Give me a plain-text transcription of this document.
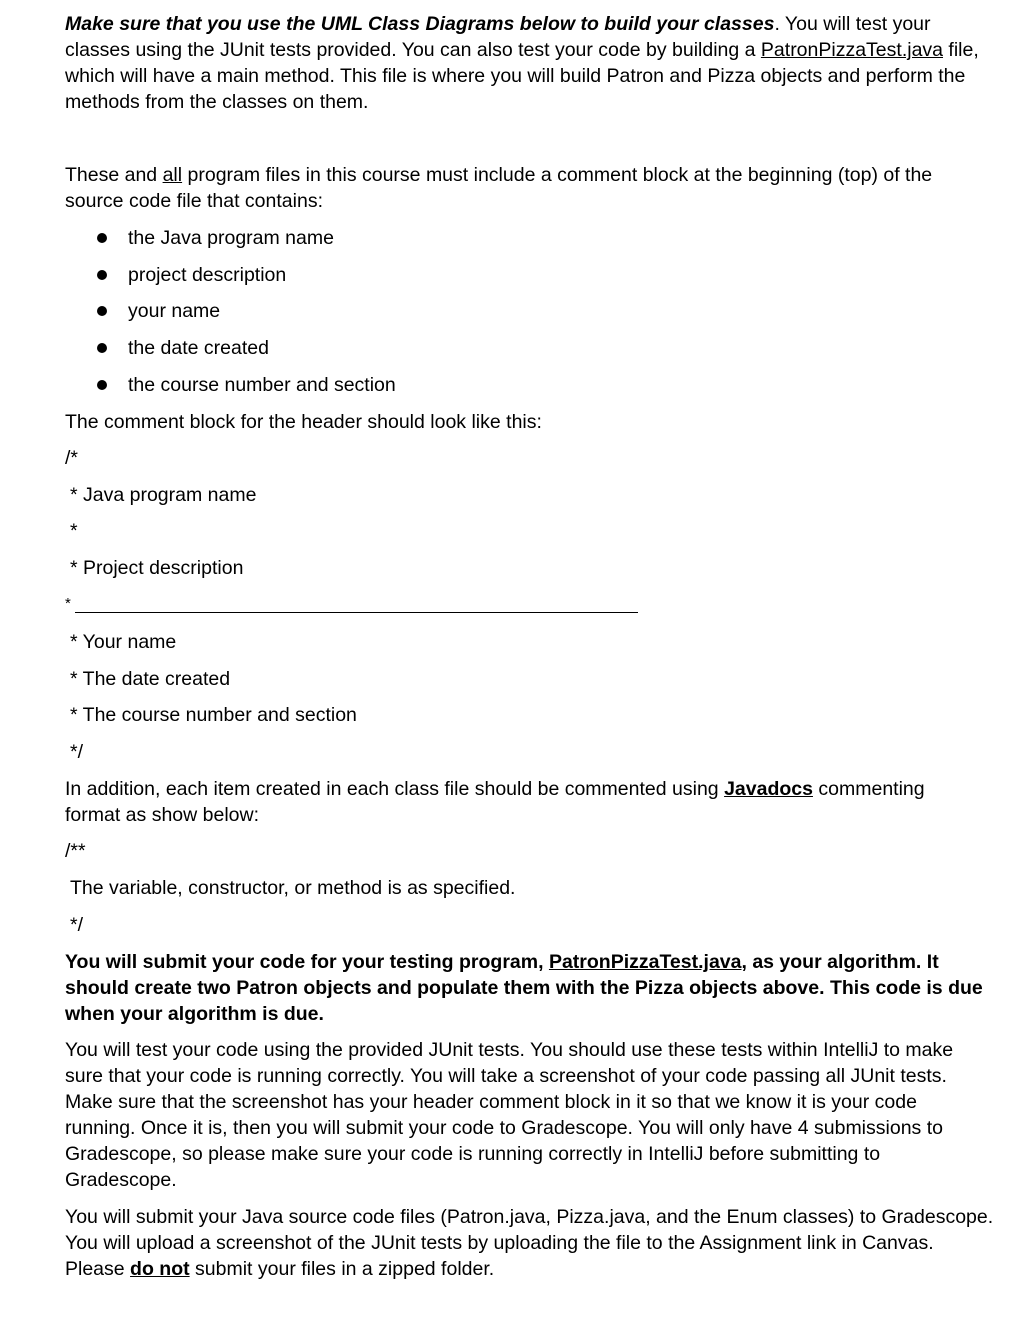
Make sure that you use the UML Class Diagrams below to build your classes. You will test your classes using the JUnit tests provided. You can also test your code by building a PatronPizzaTest.java file, which will have a main method. This file is where you will build Patron and Pizza objects and perform the methods from the classes on them.

These and all program files in this course must include a comment block at the beginning (top) of the source code file that contains:

the Java program name
project description
your name
the date created
the course number and section
The comment block for the header should look like this:
/*
* Java program name
*
* Project description
*
* Your name
* The date created
* The course number and section
*/

In addition, each item created in each class file should be commented using Javadocs commenting format as show below:

/**
The variable, constructor, or method is as specified.
*/

You will submit your code for your testing program, PatronPizzaTest.java, as your algorithm. It should create two Patron objects and populate them with the Pizza objects above. This code is due when your algorithm is due.

You will test your code using the provided JUnit tests. You should use these tests within IntelliJ to make sure that your code is running correctly. You will take a screenshot of your code passing all JUnit tests. Make sure that the screenshot has your header comment block in it so that we know it is your code running. Once it is, then you will submit your code to Gradescope. You will only have 4 submissions to Gradescope, so please make sure your code is running correctly in IntelliJ before submitting to Gradescope.

You will submit your Java source code files (Patron.java, Pizza.java, and the Enum classes) to Gradescope. You will upload a screenshot of the JUnit tests by uploading the file to the Assignment link in Canvas. Please do not submit your files in a zipped folder.
